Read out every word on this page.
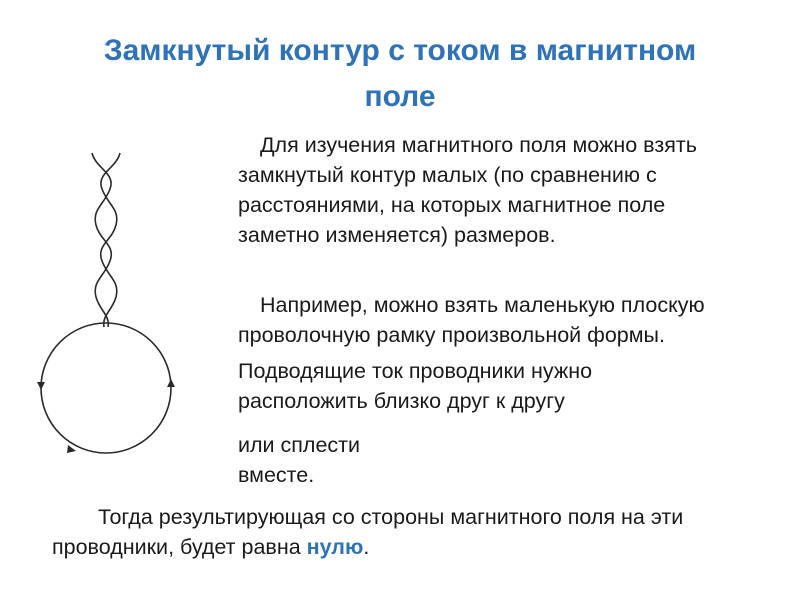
Замкнутый контур с током в магнитном
поле

Для изучения магнитного поля можно взять замкнутый контур малых (по сравнению с расстояниями, на которых магнитное поле заметно изменяется) размеров.

Например, можно взять маленькую плоскую проволочную рамку произвольной формы.

Подводящие ток проводники нужно расположить близко друг к другу

или сплести вместе.

Тогда результирующая со стороны магнитного поля на эти проводники, будет равна нулю.
